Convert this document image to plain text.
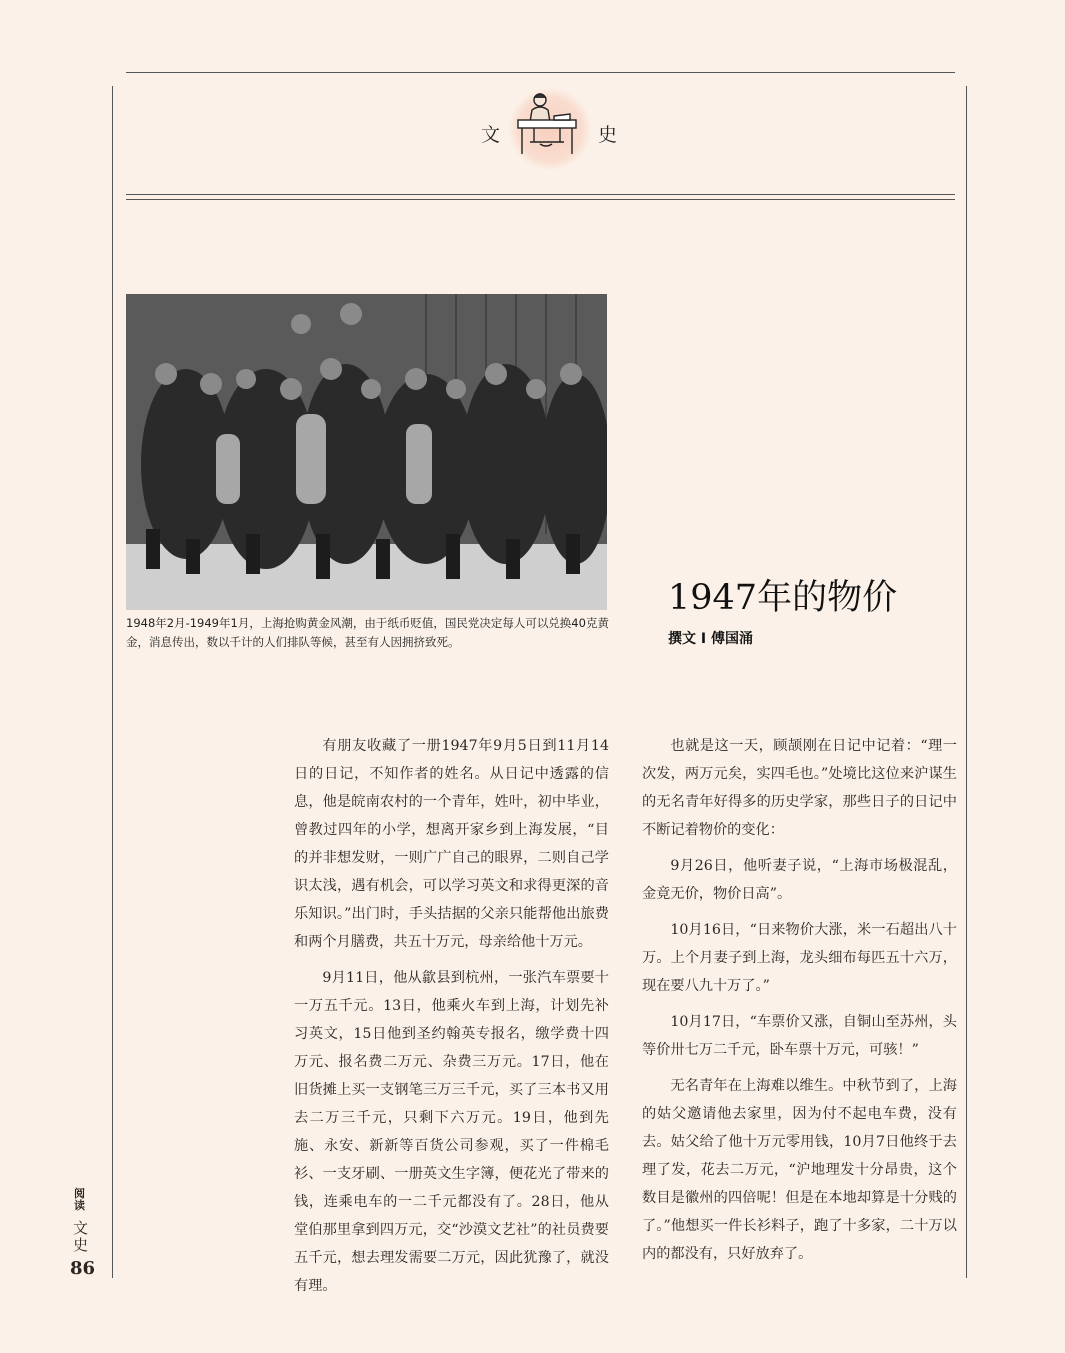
文	史
1948年2月-1949年1月，上海抢购黄金风潮，由于纸币贬值，国民党决定每人可以兑换40克黄金，消息传出，数以千计的人们排队等候，甚至有人因拥挤致死。
1947年的物价
撰文 I 傅国涌

有朋友收藏了一册1947年9月5日到11月14日的日记，不知作者的姓名。从日记中透露的信息，他是皖南农村的一个青年，姓叶，初中毕业，曾教过四年的小学，想离开家乡到上海发展，“目的并非想发财，一则广广自己的眼界，二则自己学识太浅，遇有机会，可以学习英文和求得更深的音乐知识。”出门时，手头拮据的父亲只能帮他出旅费和两个月膳费，共五十万元，母亲给他十万元。

9月11日，他从歙县到杭州，一张汽车票要十一万五千元。13日，他乘火车到上海，计划先补习英文，15日他到圣约翰英专报名，缴学费十四万元、报名费二万元、杂费三万元。17日，他在旧货摊上买一支钢笔三万三千元，买了三本书又用去二万三千元，只剩下六万元。19日，他到先施、永安、新新等百货公司参观，买了一件棉毛衫、一支牙刷、一册英文生字簿，便花光了带来的钱，连乘电车的一二千元都没有了。28日，他从堂伯那里拿到四万元，交“沙漠文艺社”的社员费要五千元，想去理发需要二万元，因此犹豫了，就没有理。

也就是这一天，顾颉刚在日记中记着：“理一次发，两万元矣，实四毛也。”处境比这位来沪谋生的无名青年好得多的历史学家，那些日子的日记中不断记着物价的变化：

9月26日，他听妻子说，“上海市场极混乱，金竟无价，物价日高”。

10月16日，“日来物价大涨，米一石超出八十万。上个月妻子到上海，龙头细布每匹五十六万，现在要八九十万了。”

10月17日，“车票价又涨，自铜山至苏州，头等价卅七万二千元，卧车票十万元，可骇！”

无名青年在上海难以维生。中秋节到了，上海的姑父邀请他去家里，因为付不起电车费，没有去。姑父给了他十万元零用钱，10月7日他终于去理了发，花去二万元，“沪地理发十分昂贵，这个数目是徽州的四倍呢！但是在本地却算是十分贱的了。”他想买一件长衫料子，跑了十多家，二十万以内的都没有，只好放弃了。

阅读
文史
86
